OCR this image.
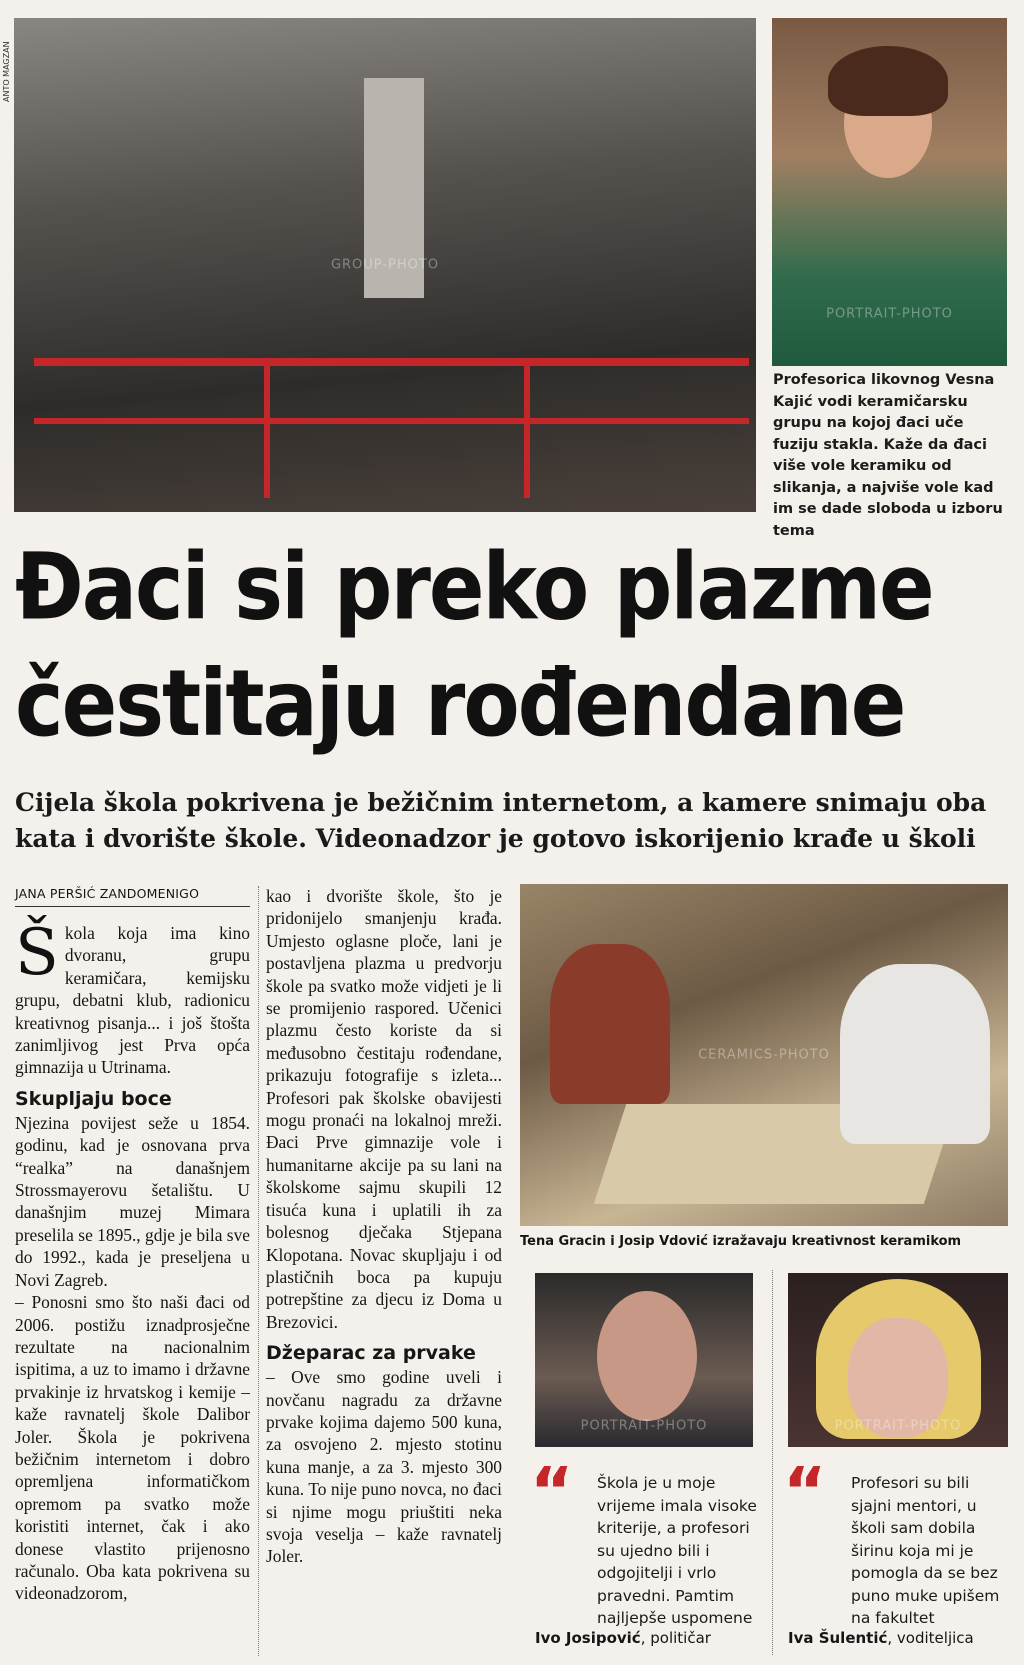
GROUP-PHOTO
ANTO MAGZAN
PORTRAIT-PHOTO
Profesorica likovnog Vesna Kajić vodi keramičarsku grupu na kojoj đaci uče fuziju stakla. Kaže da đaci više vole keramiku od slikanja, a najviše vole kad im se dade sloboda u izboru tema
Đaci si preko plazme
čestitaju rođendane
Cijela škola pokrivena je bežičnim internetom, a kamere snimaju oba
kata i dvorište škole. Videonadzor je gotovo iskorijenio krađe u školi
JANA PERŠIĆ ZANDOMENIGO

Škola koja ima kino dvoranu, grupu keramičara, kemijsku grupu, debatni klub, radionicu kreativnog pisanja... i još štošta zanimljivog jest Prva opća gimnazija u Utrinama.

Skupljaju boce

Njezina povijest seže u 1854. godinu, kad je osnovana prva “realka” na današnjem Strossmayerovu šetalištu. U današnjim muzej Mimara preselila se 1895., gdje je bila sve do 1992., kada je preseljena u Novi Zagreb.

– Ponosni smo što naši đaci od 2006. postižu iznadprosječne rezultate na nacionalnim ispitima, a uz to imamo i državne prvakinje iz hrvatskog i kemije – kaže ravnatelj škole Dalibor Joler. Škola je pokrivena bežičnim internetom i dobro opremljena informatičkom opremom pa svatko može koristiti internet, čak i ako donese vlastito prijenosno računalo. Oba kata pokrivena su videonadzorom,

kao i dvorište škole, što je pridonijelo smanjenju krađa. Umjesto oglasne ploče, lani je postavljena plazma u predvorju škole pa svatko može vidjeti je li se promijenio raspored. Učenici plazmu često koriste da si međusobno čestitaju rođendane, prikazuju fotografije s izleta... Profesori pak školske obavijesti mogu pronaći na lokalnoj mreži. Đaci Prve gimnazije vole i humanitarne akcije pa su lani na školskome sajmu skupili 12 tisuća kuna i uplatili ih za bolesnog dječaka Stjepana Klopotana. Novac skupljaju i od plastičnih boca pa kupuju potrepštine za djecu iz Doma u Brezovici.

Džeparac za prvake

– Ove smo godine uveli i novčanu nagradu za državne prvake kojima dajemo 500 kuna, za osvojeno 2. mjesto stotinu kuna manje, a za 3. mjesto 300 kuna. To nije puno novca, no đaci si njime mogu priuštiti neka svoja veselja – kaže ravnatelj Joler.

CERAMICS-PHOTO
Tena Gracin i Josip Vdović izražavaju kreativnost keramikom
PORTRAIT-PHOTO	PORTRAIT-PHOTO
“ Škola je u moje vrijeme imala visoke kriterije, a profesori su ujedno bili i odgojitelji i vrlo pravedni. Pamtim najljepše uspomene
Ivo Josipović, političar
“ Profesori su bili sjajni mentori, u školi sam dobila širinu koja mi je pomogla da se bez puno muke upišem na fakultet
Iva Šulentić, voditeljica
